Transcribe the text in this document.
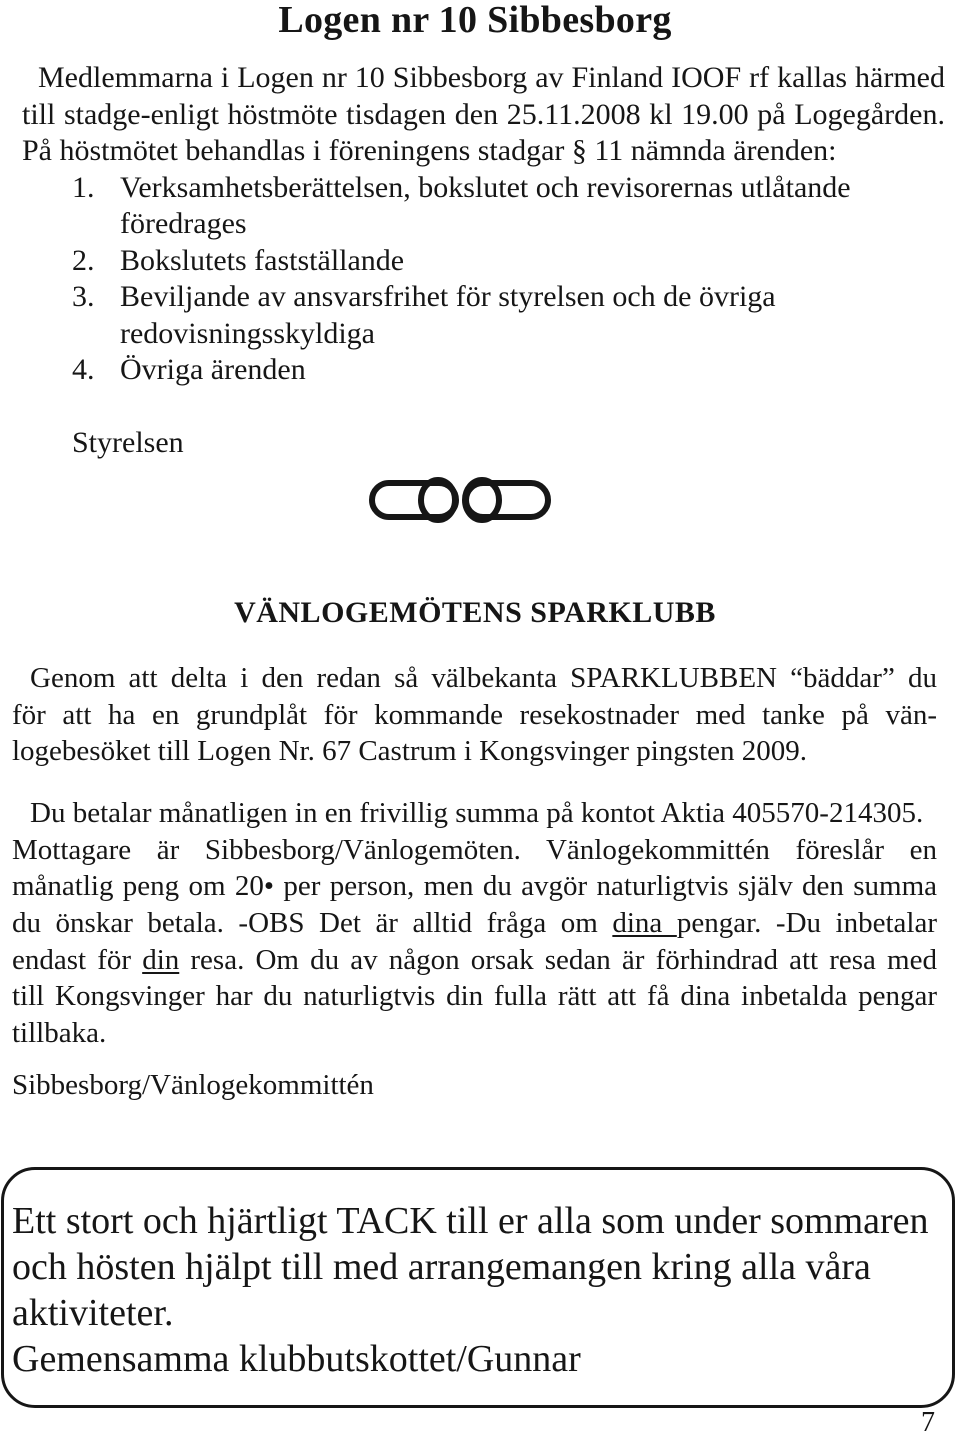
Logen nr 10 Sibbesborg
Medlemmarna i Logen nr 10 Sibbesborg av Finland IOOF rf kallas härmed
till stadge-enligt höstmöte tisdagen den 25.11.2008 kl 19.00 på Logegården.
På höstmötet behandlas i föreningens stadgar § 11 nämnda ärenden:
1. Verksamhetsberättelsen, bokslutet och revisorernas utlåtande
föredrages
2. Bokslutets fastställande
3. Beviljande av ansvarsfrihet för styrelsen och de övriga
redovisningsskyldiga
4. Övriga ärenden
Styrelsen
VÄNLOGEMÖTENS SPARKLUBB
Genom att delta i den redan så välbekanta SPARKLUBBEN “bäddar” du
för att ha en grundplåt för kommande resekostnader med tanke på vän-
logebesöket till Logen Nr. 67 Castrum i Kongsvinger pingsten 2009.
Du betalar månatligen in en frivillig summa på kontot Aktia 405570-214305.
Mottagare är Sibbesborg/Vänlogemöten. Vänlogekommittén föreslår en
månatlig peng om 20• per person, men du avgör naturligtvis själv den summa
du önskar betala. -OBS Det är alltid fråga om dina pengar. -Du inbetalar
endast för din resa. Om du av någon orsak sedan är förhindrad att resa med
till Kongsvinger har du naturligtvis din fulla rätt att få dina inbetalda pengar
tillbaka.
Sibbesborg/Vänlogekommittén
Ett stort och hjärtligt TACK till er alla som under sommaren
och hösten hjälpt till med arrangemangen kring alla våra
aktiviteter.
Gemensamma klubbutskottet/Gunnar
7
